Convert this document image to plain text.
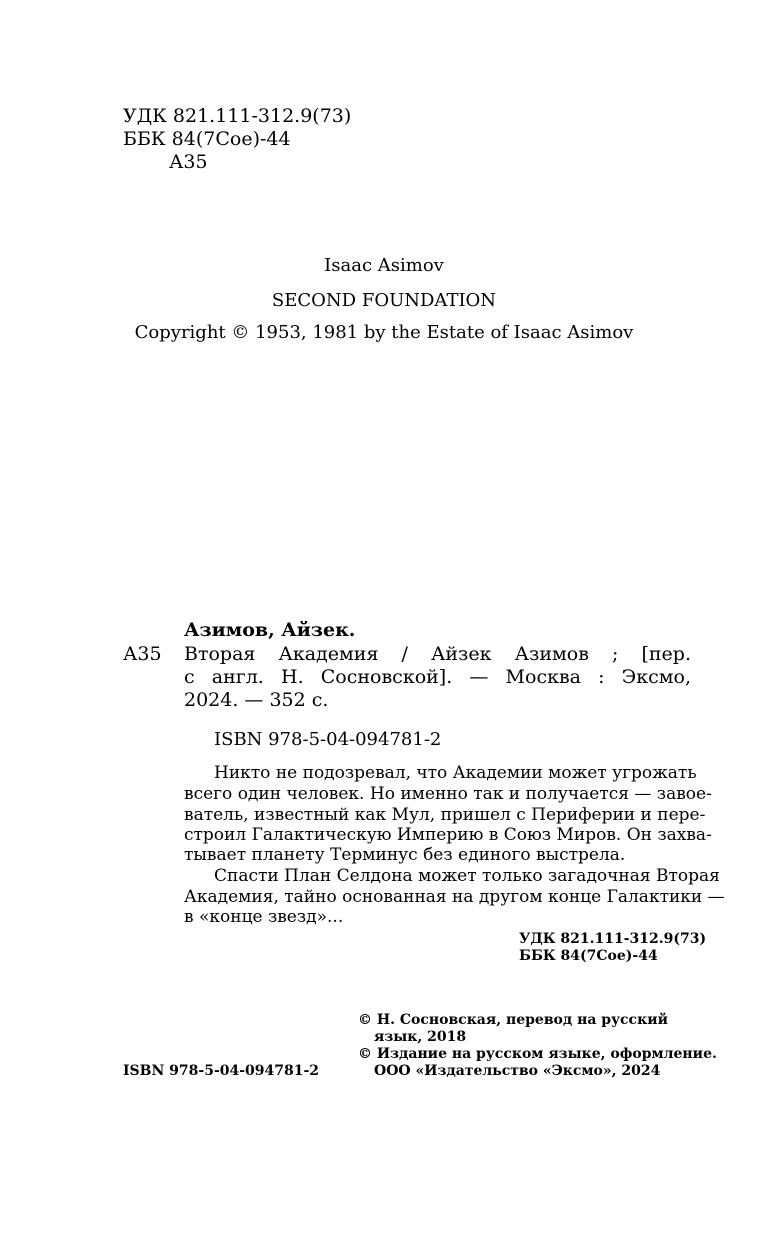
УДК 821.111-312.9(73)
ББК 84(7Сое)-44
А35
Isaac Asimov
SECOND FOUNDATION
Copyright © 1953, 1981 by the Estate of Isaac Asimov
Азимов, Айзек.
А35 Вторая Академия / Айзек Азимов ; [пер.
с англ. Н. Сосновской]. — Москва : Эксмо,
2024. — 352 с.
ISBN 978-5-04-094781-2
Никто не подозревал, что Академии может угрожать
всего один человек. Но именно так и получается — завое-
ватель, известный как Мул, пришел с Периферии и пере-
строил Галактическую Империю в Союз Миров. Он захва-
тывает планету Терминус без единого выстрела.
Спасти План Селдона может только загадочная Вторая
Академия, тайно основанная на другом конце Галактики —
в «конце звезд»...
УДК 821.111-312.9(73)
ББК 84(7Сое)-44
© Н. Сосновская, перевод на русский
язык, 2018
© Издание на русском языке, оформление.
ООО «Издательство «Эксмо», 2024
ISBN 978-5-04-094781-2
